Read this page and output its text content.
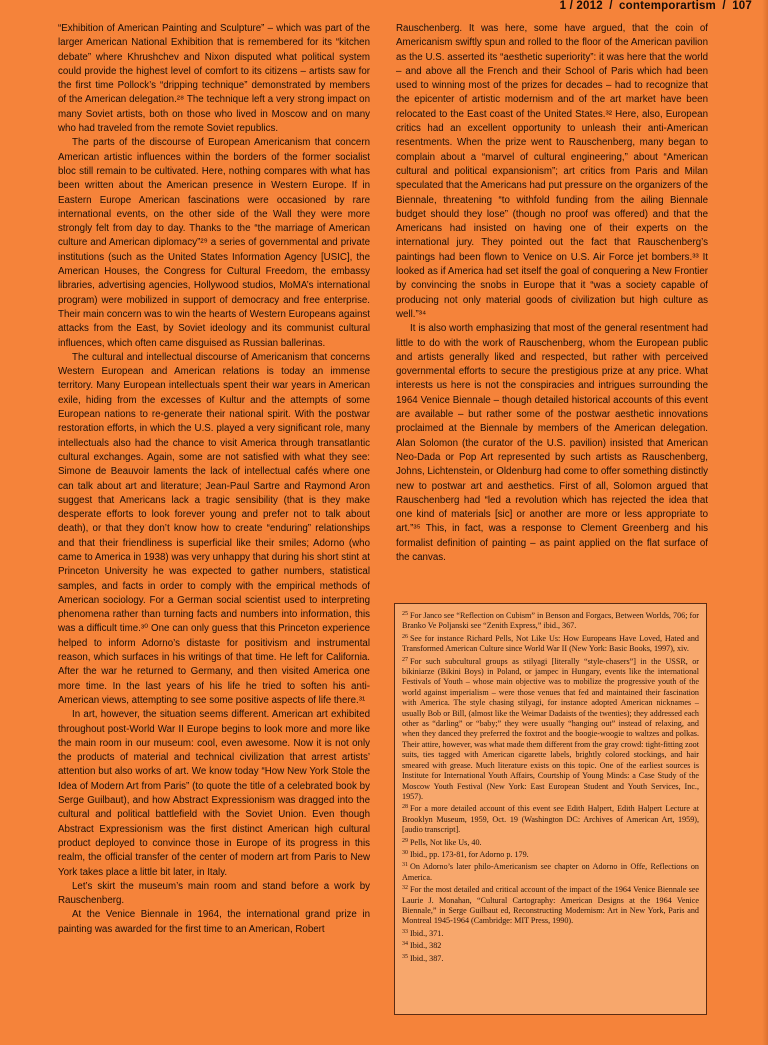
1 / 2012 / contemporartism / 107

“Exhibition of American Painting and Sculpture” – which was part of the larger American National Exhibition that is remembered for its “kitchen debate” where Khrushchev and Nixon disputed what political system could provide the highest level of comfort to its citizens – artists saw for the first time Pollock’s “dripping technique” demonstrated by members of the American delegation.²⁸ The technique left a very strong impact on many Soviet artists, both on those who lived in Moscow and on many who had traveled from the remote Soviet republics.

The parts of the discourse of European Americanism that concern American artistic influences within the borders of the former socialist bloc still remain to be cultivated. Here, nothing compares with what has been written about the American presence in Western Europe. If in Eastern Europe American fascinations were occasioned by rare international events, on the other side of the Wall they were more strongly felt from day to day. Thanks to the “the marriage of American culture and American diplomacy”²⁹ a series of governmental and private institutions (such as the United States Information Agency [USIC], the American Houses, the Congress for Cultural Freedom, the embassy libraries, advertising agencies, Hollywood studios, MoMA’s international program) were mobilized in support of democracy and free enterprise. Their main concern was to win the hearts of Western Europeans against attacks from the East, by Soviet ideology and its communist cultural influences, which often came disguised as Russian ballerinas.

The cultural and intellectual discourse of Americanism that concerns Western European and American relations is today an immense territory. Many European intellectuals spent their war years in American exile, hiding from the excesses of Kultur and the attempts of some European nations to re-generate their national spirit. With the postwar restoration efforts, in which the U.S. played a very significant role, many intellectuals also had the chance to visit America through transatlantic cultural exchanges. Again, some are not satisfied with what they see: Simone de Beauvoir laments the lack of intellectual cafés where one can talk about art and literature; Jean-Paul Sartre and Raymond Aron suggest that Americans lack a tragic sensibility (that is they make desperate efforts to look forever young and prefer not to talk about death), or that they don’t know how to create “enduring” relationships and that their friendliness is superficial like their smiles; Adorno (who came to America in 1938) was very unhappy that during his short stint at Princeton University he was expected to gather numbers, statistical samples, and facts in order to comply with the empirical methods of American sociology. For a German social scientist used to interpreting phenomena rather than turning facts and numbers into information, this was a difficult time.³⁰ One can only guess that this Princeton experience helped to inform Adorno’s distaste for positivism and instrumental reason, which surfaces in his writings of that time. He left for California. After the war he returned to Germany, and then visited America one more time. In the last years of his life he tried to soften his anti-American views, attempting to see some positive aspects of life there.³¹

In art, however, the situation seems different. American art exhibited throughout post-World War II Europe begins to look more and more like the main room in our museum: cool, even awesome. Now it is not only the products of material and technical civilization that arrest artists’ attention but also works of art. We know today “How New York Stole the Idea of Modern Art from Paris” (to quote the title of a celebrated book by Serge Guilbaut), and how Abstract Expressionism was dragged into the cultural and political battlefield with the Soviet Union. Even though Abstract Expressionism was the first distinct American high cultural product deployed to convince those in Europe of its progress in this realm, the official transfer of the center of modern art from Paris to New York takes place a little bit later, in Italy.

Let’s skirt the museum’s main room and stand before a work by Rauschenberg.

At the Venice Biennale in 1964, the international grand prize in painting was awarded for the first time to an American, Robert

Rauschenberg. It was here, some have argued, that the coin of Americanism swiftly spun and rolled to the floor of the American pavilion as the U.S. asserted its “aesthetic superiority”: it was here that the world – and above all the French and their School of Paris which had been used to winning most of the prizes for decades – had to recognize that the epicenter of artistic modernism and of the art market have been relocated to the East coast of the United States.³² Here, also, European critics had an excellent opportunity to unleash their anti-American resentments. When the prize went to Rauschenberg, many began to complain about a “marvel of cultural engineering,” about “American cultural and political expansionism”; art critics from Paris and Milan speculated that the Americans had put pressure on the organizers of the Biennale, threatening “to withfold funding from the ailing Biennale budget should they lose” (though no proof was offered) and that the Americans had insisted on having one of their experts on the international jury. They pointed out the fact that Rauschenberg’s paintings had been flown to Venice on U.S. Air Force jet bombers.³³ It looked as if America had set itself the goal of conquering a New Frontier by convincing the snobs in Europe that it “was a society capable of producing not only material goods of civilization but high culture as well.”³⁴

It is also worth emphasizing that most of the general resentment had little to do with the work of Rauschenberg, whom the European public and artists generally liked and respected, but rather with perceived governmental efforts to secure the prestigious prize at any price. What interests us here is not the conspiracies and intrigues surrounding the 1964 Venice Biennale – though detailed historical accounts of this event are available – but rather some of the postwar aesthetic innovations proclaimed at the Biennale by members of the American delegation. Alan Solomon (the curator of the U.S. pavilion) insisted that American Neo-Dada or Pop Art represented by such artists as Rauschenberg, Johns, Lichtenstein, or Oldenburg had come to offer something distinctly new to postwar art and aesthetics. First of all, Solomon argued that Rauschenberg had “led a revolution which has rejected the idea that one kind of materials [sic] or another are more or less appropriate to art.”³⁵ This, in fact, was a response to Clement Greenberg and his formalist definition of painting – as paint applied on the flat surface of the canvas.

$^{25}$ For Janco see “Reflection on Cubism” in Benson and Forgacs, Between Worlds, 706; for Branko Ve Poljanski see “Zenith Express,” ibid., 367.

$^{26}$ See for instance Richard Pells, Not Like Us: How Europeans Have Loved, Hated and Transformed American Culture since World War II (New York: Basic Books, 1997), xiv.

$^{27}$ For such subcultural groups as stilyagi [literally “style-chasers”] in the USSR, or bikiniarze (Bikini Boys) in Poland, or jampec in Hungary, events like the international Festivals of Youth – whose main objective was to mobilize the progressive youth of the world against imperialism – were those venues that fed and maintained their fascination with America. The style chasing stilyagi, for instance adopted American nicknames – usually Bob or Bill, (almost like the Weimar Dadaists of the twenties); they addressed each other as “darling” or “baby;” they were usually “hanging out” instead of relaxing, and when they danced they preferred the foxtrot and the boogie-woogie to waltzes and polkas. Their attire, however, was what made them different from the gray crowd: tight-fitting zoot suits, ties tagged with American cigarette labels, brightly colored stockings, and hair smeared with grease. Much literature exists on this topic. One of the earliest sources is Institute for International Youth Affairs, Courtship of Young Minds: a Case Study of the Moscow Youth Festival (New York: East European Student and Youth Services, Inc., 1957).

$^{28}$ For a more detailed account of this event see Edith Halpert, Edith Halpert Lecture at Brooklyn Museum, 1959, Oct. 19 (Washington DC: Archives of American Art, 1959), [audio transcript].

$^{29}$ Pells, Not like Us, 40.

$^{30}$ Ibid., pp. 173-81, for Adorno p. 179.

$^{31}$ On Adorno’s later philo-Americanism see chapter on Adorno in Offe, Reflections on America.

$^{32}$ For the most detailed and critical account of the impact of the 1964 Venice Biennale see Laurie J. Monahan, “Cultural Cartography: American Designs at the 1964 Venice Biennale,” in Serge Guilbaut ed, Reconstructing Modernism: Art in New York, Paris and Montreal 1945-1964 (Cambridge: MIT Press, 1990).

$^{33}$ Ibid., 371.

$^{34}$ Ibid., 382

$^{35}$ Ibid., 387.
